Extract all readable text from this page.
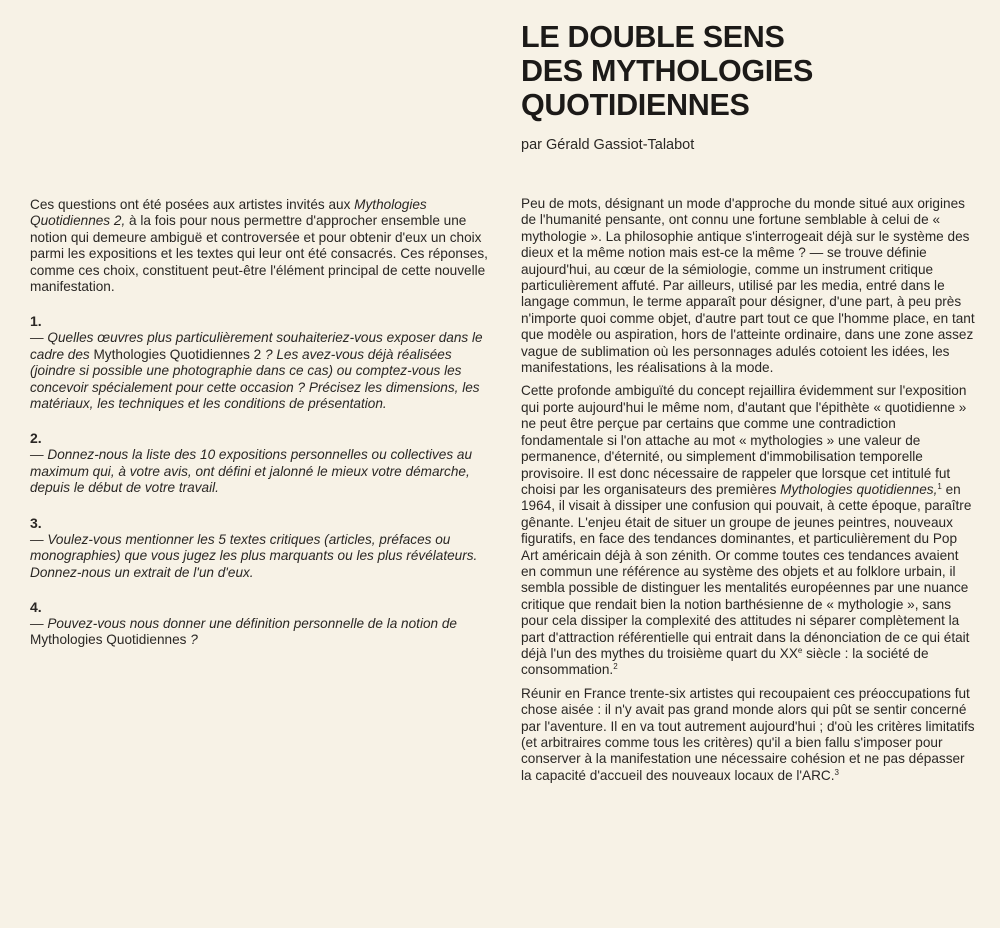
LE DOUBLE SENS
DES MYTHOLOGIES
QUOTIDIENNES

par Gérald Gassiot-Talabot

Ces questions ont été posées aux artistes invités aux Mythologies Quotidiennes 2, à la fois pour nous permettre d'approcher ensemble une notion qui demeure ambiguë et controversée et pour obtenir d'eux un choix parmi les expositions et les textes qui leur ont été consacrés. Ces réponses, comme ces choix, constituent peut-être l'élément principal de cette nouvelle manifestation.

1.

— Quelles œuvres plus particulièrement souhaiteriez-vous exposer dans le cadre des Mythologies Quotidiennes 2 ? Les avez-vous déjà réalisées (joindre si possible une photographie dans ce cas) ou comptez-vous les concevoir spécialement pour cette occasion ? Précisez les dimensions, les matériaux, les techniques et les conditions de présentation.

2.

— Donnez-nous la liste des 10 expositions personnelles ou collectives au maximum qui, à votre avis, ont défini et jalonné le mieux votre démarche, depuis le début de votre travail.

3.

— Voulez-vous mentionner les 5 textes critiques (articles, préfaces ou monographies) que vous jugez les plus marquants ou les plus révélateurs. Donnez-nous un extrait de l'un d'eux.

4.

— Pouvez-vous nous donner une définition personnelle de la notion de Mythologies Quotidiennes ?

Peu de mots, désignant un mode d'approche du monde situé aux origines de l'humanité pensante, ont connu une fortune semblable à celui de « mythologie ». La philosophie antique s'interrogeait déjà sur le système des dieux et la même notion mais est-ce la même ? — se trouve définie aujourd'hui, au cœur de la sémiologie, comme un instrument critique particulièrement affuté. Par ailleurs, utilisé par les media, entré dans le langage commun, le terme apparaît pour désigner, d'une part, à peu près n'importe quoi comme objet, d'autre part tout ce que l'homme place, en tant que modèle ou aspiration, hors de l'atteinte ordinaire, dans une zone assez vague de sublimation où les personnages adulés cotoient les idées, les manifestations, les réalisations à la mode.

Cette profonde ambiguïté du concept rejaillira évidemment sur l'exposition qui porte aujourd'hui le même nom, d'autant que l'épithète « quotidienne » ne peut être perçue par certains que comme une contradiction fondamentale si l'on attache au mot « mythologies » une valeur de permanence, d'éternité, ou simplement d'immobilisation temporelle provisoire. Il est donc nécessaire de rappeler que lorsque cet intitulé fut choisi par les organisateurs des premières Mythologies quotidiennes,$^1$ en 1964, il visait à dissiper une confusion qui pouvait, à cette époque, paraître gênante. L'enjeu était de situer un groupe de jeunes peintres, nouveaux figuratifs, en face des tendances dominantes, et particulièrement du Pop Art américain déjà à son zénith. Or comme toutes ces tendances avaient en commun une référence au système des objets et au folklore urbain, il sembla possible de distinguer les mentalités européennes par une nuance critique que rendait bien la notion barthésienne de « mythologie », sans pour cela dissiper la complexité des attitudes ni séparer complètement la part d'attraction référentielle qui entrait dans la dénonciation de ce qui était déjà l'un des mythes du troisième quart du XXe siècle : la société de consommation.$^2$

Réunir en France trente-six artistes qui recoupaient ces préoccupations fut chose aisée : il n'y avait pas grand monde alors qui pût se sentir concerné par l'aventure. Il en va tout autrement aujourd'hui ; d'où les critères limitatifs (et arbitraires comme tous les critères) qu'il a bien fallu s'imposer pour conserver à la manifestation une nécessaire cohésion et ne pas dépasser la capacité d'accueil des nouveaux locaux de l'ARC.$^3$
